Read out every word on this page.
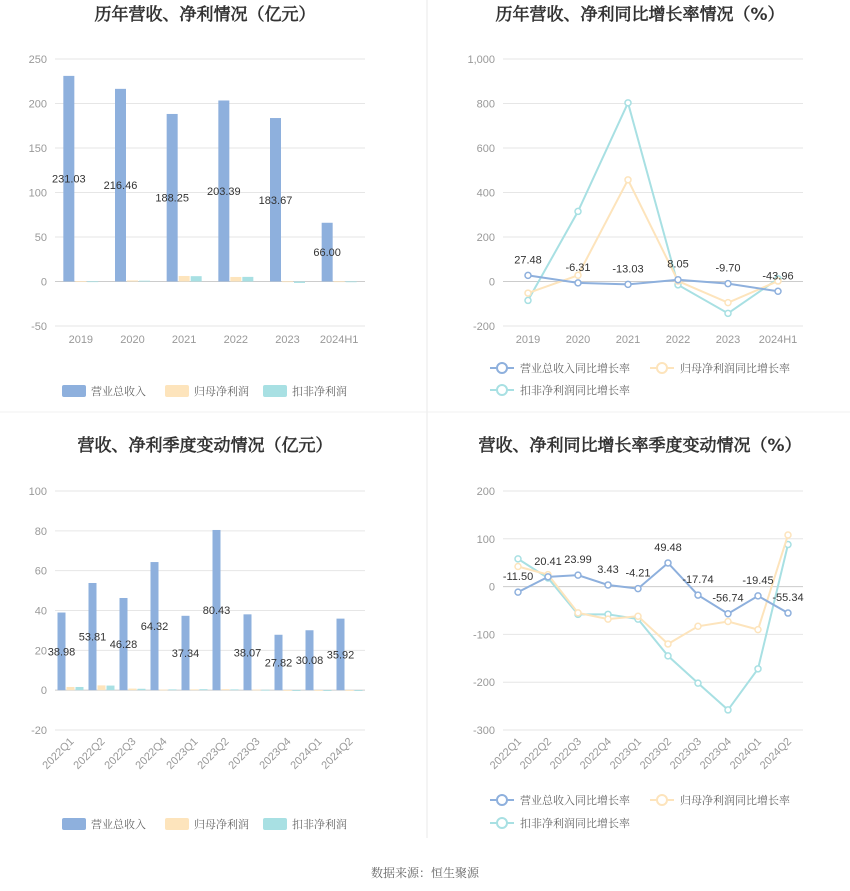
历年营收、净利情况（亿元）
-50
0
50
100
150
200
250
2019 2020 2021 2022 2023 2024H1
231.03
216.46
188.25
203.39
183.67
66.00
营业总收入	归母净利润	扣非净利润
历年营收、净利同比增长率情况（%）
-200
0
200
400
600
800
1,000
2019 2020 2021 2022 2023 2024H1
27.48
-6.31 -13.03 8.05 -9.70
-43.96
营业总收入同比增长率	归母净利润同比增长率
扣非净利润同比增长率
营收、净利季度变动情况（亿元）
-20
0
20
40
60
80
100
2022Q1
2022Q2
2022Q3
2022Q4
2023Q1
2023Q2
2023Q3
2023Q4
2024Q1
2024Q2
38.98
53.81
46.28
64.32
37.34
80.43
38.07
27.82 30.08 35.92
营业总收入	归母净利润	扣非净利润
营收、净利同比增长率季度变动情况（%）
-300
-200
-100
0
100
200
2022Q1
2022Q2
2022Q3
2022Q4
2023Q1
2023Q2
2023Q3
2023Q4
2024Q1
2024Q2
-11.50
20.41 23.99
3.43 -4.21
49.48
-17.74
-56.74
-19.45
-55.34
营业总收入同比增长率	归母净利润同比增长率
扣非净利润同比增长率
数据来源：恒生聚源
